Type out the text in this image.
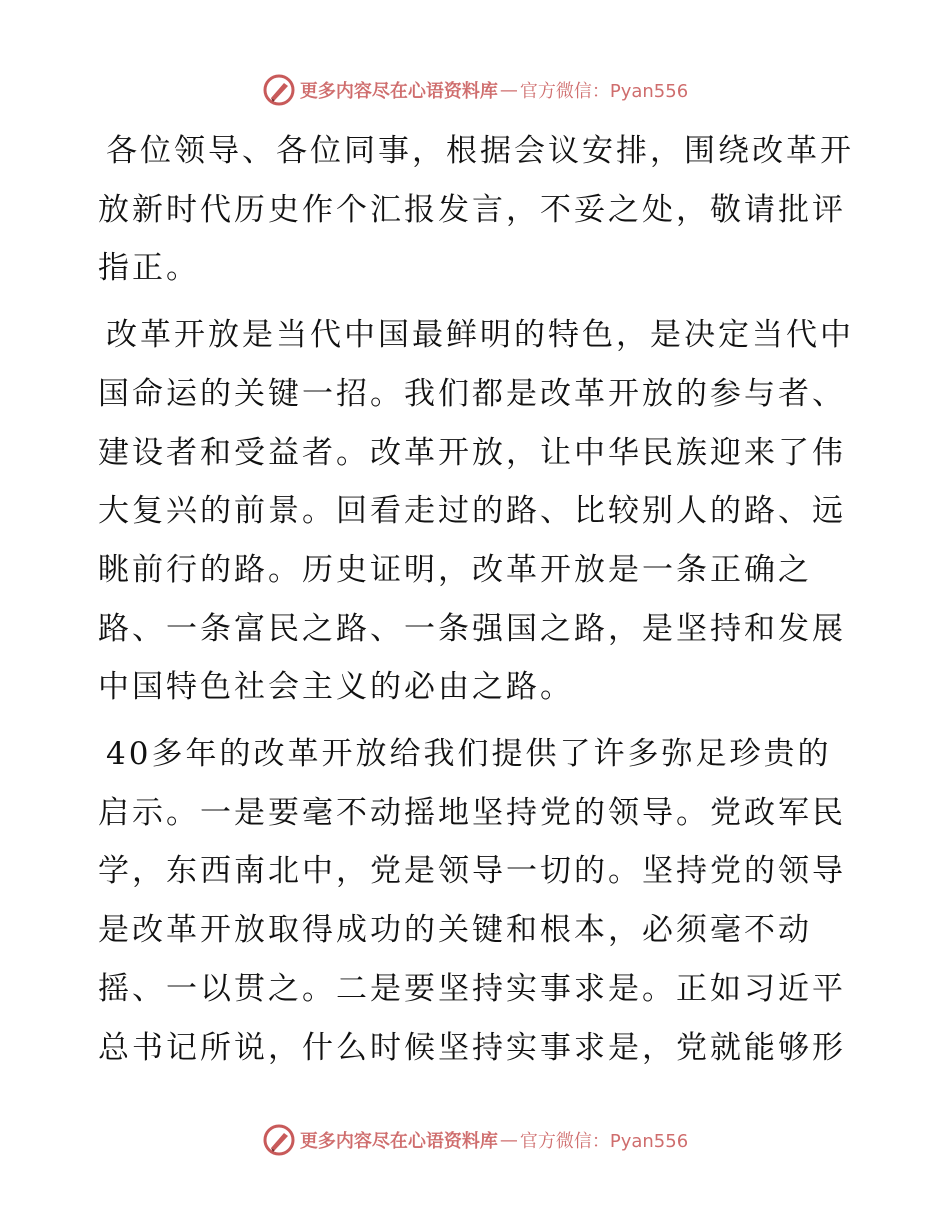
更多内容尽在心语资料库 — 官方微信：Pyan556

各位领导、各位同事，根据会议安排，围绕改革开放新时代历史作个汇报发言，不妥之处，敬请批评指正。

改革开放是当代中国最鲜明的特色，是决定当代中国命运的关键一招。我们都是改革开放的参与者、建设者和受益者。改革开放，让中华民族迎来了伟大复兴的前景。回看走过的路、比较别人的路、远眺前行的路。历史证明，改革开放是一条正确之路、一条富民之路、一条强国之路，是坚持和发展中国特色社会主义的必由之路。

40多年的改革开放给我们提供了许多弥足珍贵的启示。一是要毫不动摇地坚持党的领导。党政军民学，东西南北中，党是领导一切的。坚持党的领导是改革开放取得成功的关键和根本，必须毫不动摇、一以贯之。二是要坚持实事求是。正如习近平总书记所说，什么时候坚持实事求是，党就能够形

更多内容尽在心语资料库 — 官方微信：Pyan556
